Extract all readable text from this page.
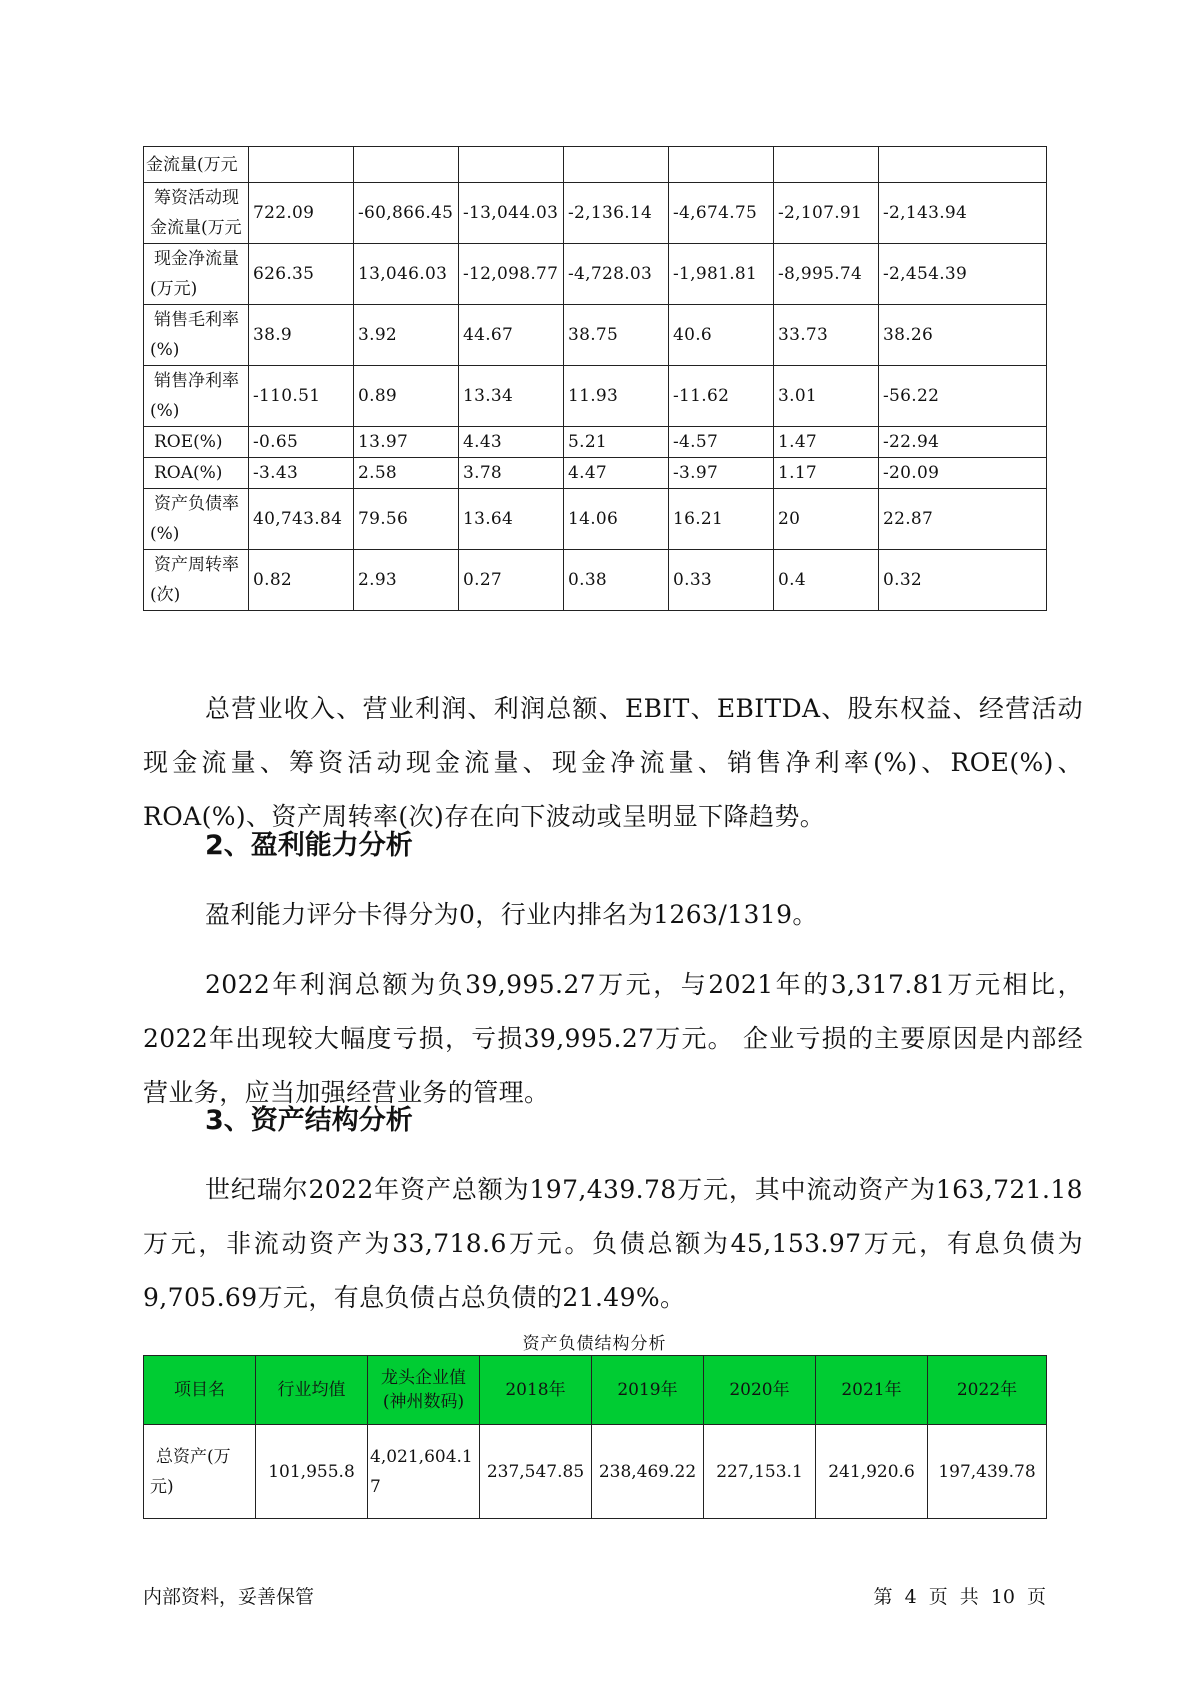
金流量(万元							
筹资活动现金流量(万元	722.09	-60,866.45	-13,044.03	-2,136.14	-4,674.75	-2,107.91	-2,143.94
现金净流量(万元)	626.35	13,046.03	-12,098.77	-4,728.03	-1,981.81	-8,995.74	-2,454.39
销售毛利率(%)	38.9	3.92	44.67	38.75	40.6	33.73	38.26
销售净利率(%)	-110.51	0.89	13.34	11.93	-11.62	3.01	-56.22
ROE(%)	-0.65	13.97	4.43	5.21	-4.57	1.47	-22.94
ROA(%)	-3.43	2.58	3.78	4.47	-3.97	1.17	-20.09
资产负债率(%)	40,743.84	79.56	13.64	14.06	16.21	20	22.87
资产周转率(次)	0.82	2.93	0.27	0.38	0.33	0.4	0.32
总营业收入、营业利润、利润总额、EBIT、EBITDA、股东权益、经营活动现金流量、筹资活动现金流量、现金净流量、销售净利率(%)、ROE(%)、ROA(%)、资产周转率(次)存在向下波动或呈明显下降趋势。
2、盈利能力分析
盈利能力评分卡得分为0，行业内排名为1263/1319。
2022年利润总额为负39,995.27万元，与2021年的3,317.81万元相比，2022年出现较大幅度亏损，亏损39,995.27万元。 企业亏损的主要原因是内部经营业务，应当加强经营业务的管理。
3、资产结构分析
世纪瑞尔2022年资产总额为197,439.78万元，其中流动资产为163,721.18万元，非流动资产为33,718.6万元。负债总额为45,153.97万元，有息负债为9,705.69万元，有息负债占总负债的21.49%。
资产负债结构分析
项目名	行业均值	龙头企业值(神州数码)	2018年	2019年	2020年	2021年	2022年
总资产(万元)	101,955.8	4,021,604.17	237,547.85	238,469.22	227,153.1	241,920.6	197,439.78
内部资料，妥善保管	第 4 页 共 10 页
